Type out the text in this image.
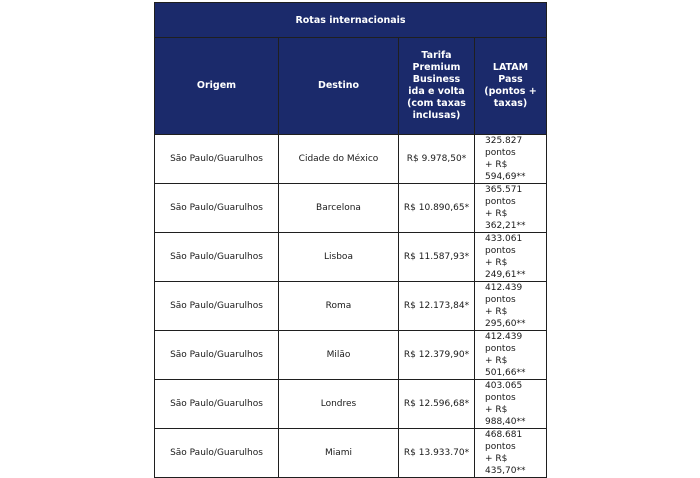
Rotas internacionais			
Origem	Destino	Tarifa Premium Business ida e volta (com taxas inclusas)	LATAM Pass (pontos + taxas)
São Paulo/Guarulhos	Cidade do México	R$ 9.978,50*	325.827 pontos
+ R$ 594,69**
São Paulo/Guarulhos	Barcelona	R$ 10.890,65*	365.571 pontos
+ R$ 362,21**
São Paulo/Guarulhos	Lisboa	R$ 11.587,93*	433.061 pontos
+ R$ 249,61**
São Paulo/Guarulhos	Roma	R$ 12.173,84*	412.439 pontos
+ R$ 295,60**
São Paulo/Guarulhos	Milão	R$ 12.379,90*	412.439 pontos
+ R$ 501,66**
São Paulo/Guarulhos	Londres	R$ 12.596,68*	403.065 pontos
+ R$ 988,40**
São Paulo/Guarulhos	Miami	R$ 13.933.70*	468.681 pontos
+ R$ 435,70**
